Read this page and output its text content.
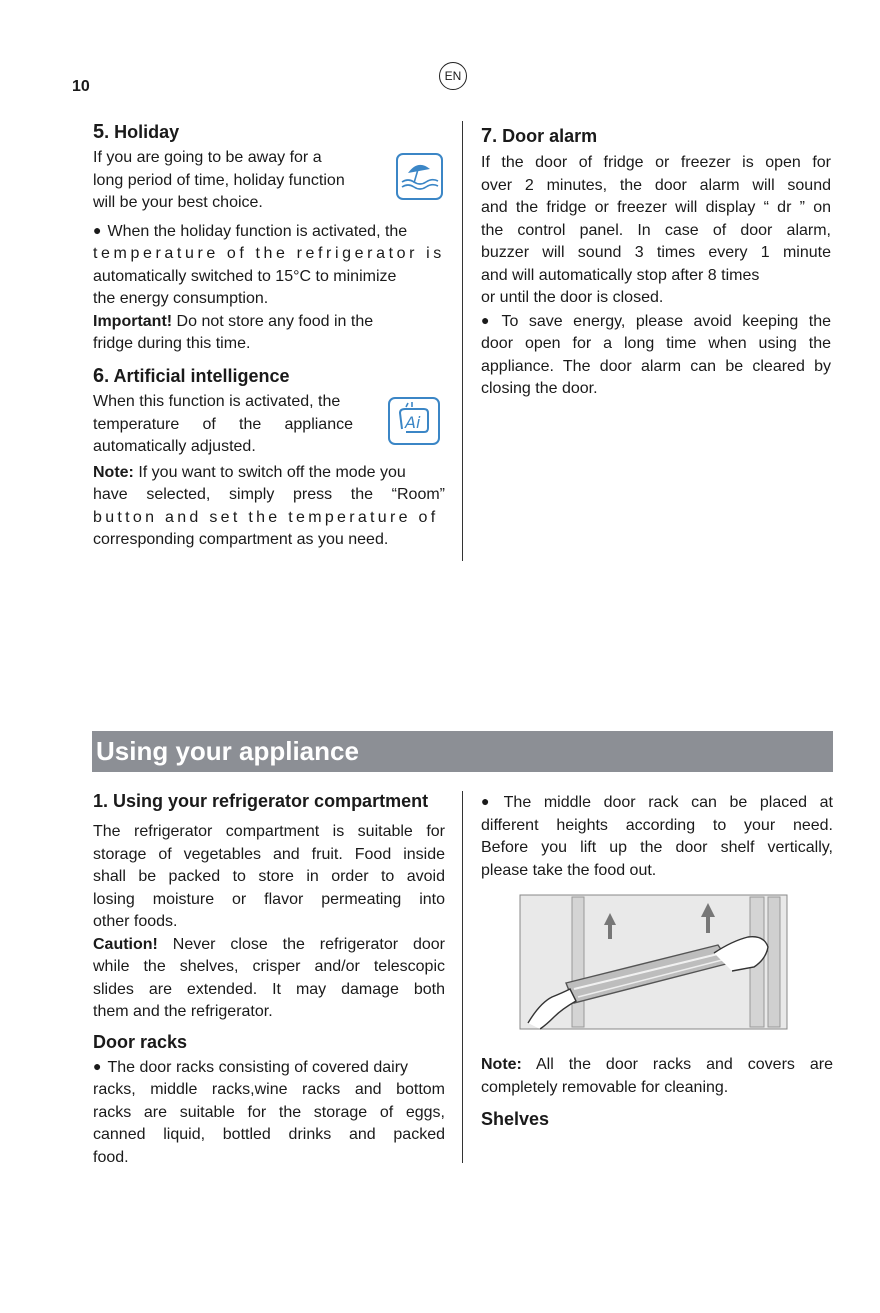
10
EN
5. Holiday

If you are going to be away for a

long period of time, holiday function

will be your best choice.

● When the holiday function is activated, the

temperature of the refrigerator is

automatically switched to 15°C to minimize

the energy consumption.

Important! Do not store any food in the

fridge during this time.

6. Artificial intelligence

When this function is activated, the

temperature of the appliance

automatically adjusted.

Note: If you want to switch off the mode you

have selected, simply press the “Room”

button and set the temperature of

corresponding compartment as you need.

Ai
7. Door alarm

If the door of fridge or freezer is open for

over 2 minutes, the door alarm will sound

and the fridge or freezer will display “ dr ” on

the control panel. In case of door alarm,

buzzer will sound 3 times every 1 minute

and will automatically stop after 8 times

or until the door is closed.

● To save energy, please avoid keeping the

door open for a long time when using the

appliance. The door alarm can be cleared by

closing the door.

Using your appliance
1. Using your refrigerator compartment

The refrigerator compartment is suitable for

storage of vegetables and fruit. Food inside

shall be packed to store in order to avoid

losing moisture or flavor permeating into

other foods.

Caution! Never close the refrigerator door

while the shelves, crisper and/or telescopic

slides are extended. It may damage both

them and the refrigerator.

Door racks

● The door racks consisting of covered dairy

racks, middle racks,wine racks and bottom

racks are suitable for the storage of eggs,

canned liquid, bottled drinks and packed

food.

● The middle door rack can be placed at

different heights according to your need.

Before you lift up the door shelf vertically,

please take the food out.

Note: All the door racks and covers are

completely removable for cleaning.

Shelves
